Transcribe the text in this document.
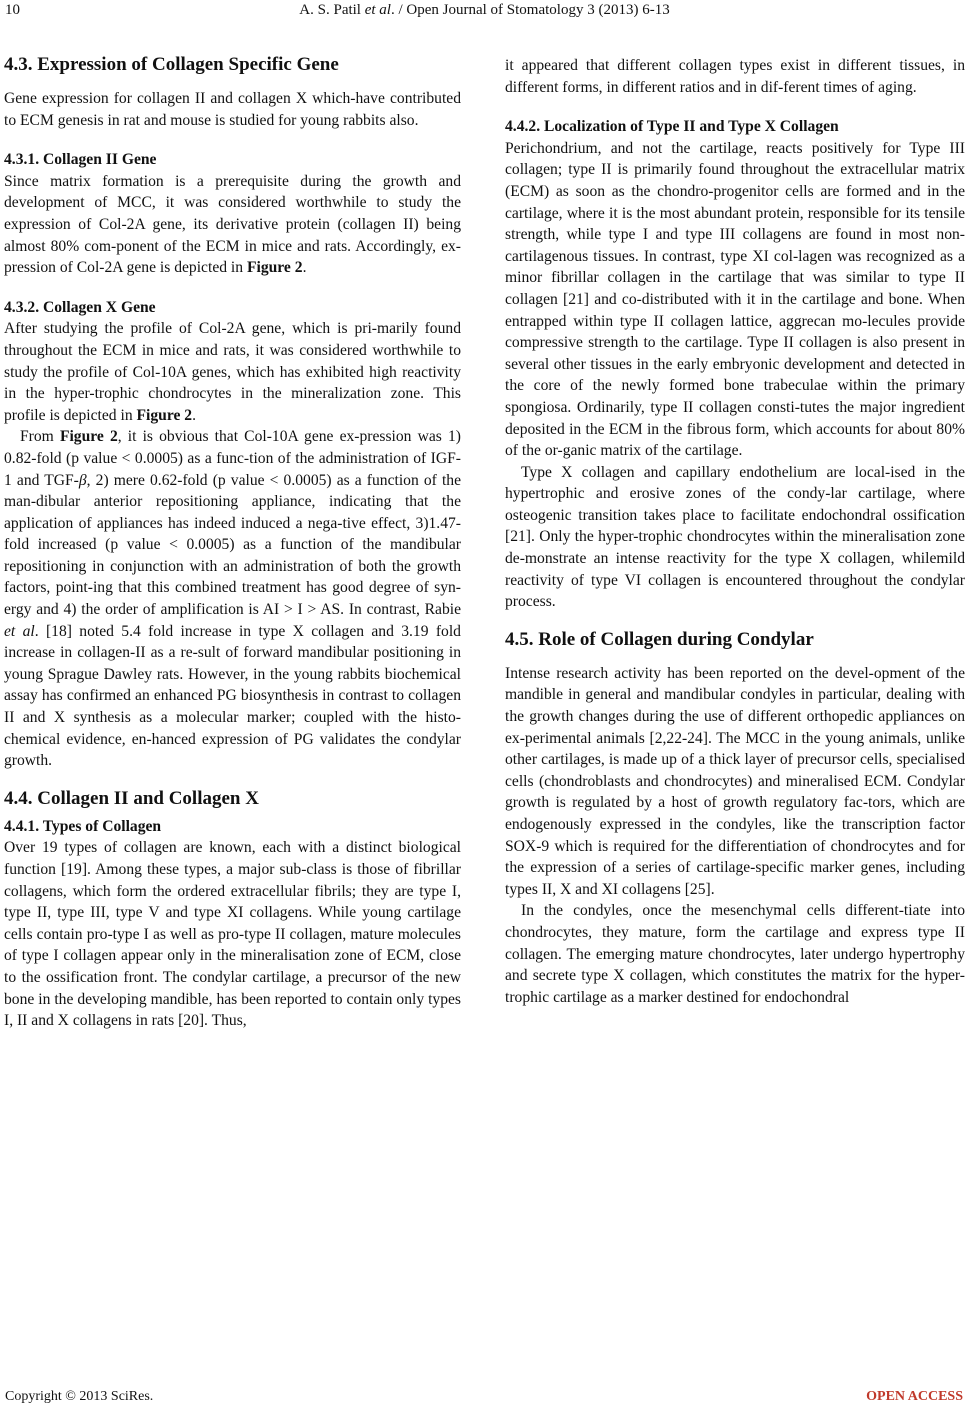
10	A. S. Patil et al. / Open Journal of Stomatology 3 (2013) 6-13
4.3. Expression of Collagen Specific Gene

Gene expression for collagen II and collagen X which-have contributed to ECM genesis in rat and mouse is studied for young rabbits also.

4.3.1. Collagen II Gene

Since matrix formation is a prerequisite during the growth and development of MCC, it was considered worthwhile to study the expression of Col-2A gene, its derivative protein (collagen II) being almost 80% com-ponent of the ECM in mice and rats. Accordingly, ex-pression of Col-2A gene is depicted in Figure 2.

4.3.2. Collagen X Gene

After studying the profile of Col-2A gene, which is pri-marily found throughout the ECM in mice and rats, it was considered worthwhile to study the profile of Col-10A genes, which has exhibited high reactivity in the hyper-trophic chondrocytes in the mineralization zone. This profile is depicted in Figure 2.

From Figure 2, it is obvious that Col-10A gene ex-pression was 1) 0.82-fold (p value < 0.0005) as a func-tion of the administration of IGF-1 and TGF-β, 2) mere 0.62-fold (p value < 0.0005) as a function of the man-dibular anterior repositioning appliance, indicating that the application of appliances has indeed induced a nega-tive effect, 3)1.47-fold increased (p value < 0.0005) as a function of the mandibular repositioning in conjunction with an administration of both the growth factors, point-ing that this combined treatment has good degree of syn-ergy and 4) the order of amplification is AI > I > AS. In contrast, Rabie et al. [18] noted 5.4 fold increase in type X collagen and 3.19 fold increase in collagen-II as a re-sult of forward mandibular positioning in young Sprague Dawley rats. However, in the young rabbits biochemical assay has confirmed an enhanced PG biosynthesis in contrast to collagen II and X synthesis as a molecular marker; coupled with the histo-chemical evidence, en-hanced expression of PG validates the condylar growth.

4.4. Collagen II and Collagen X
4.4.1. Types of Collagen

Over 19 types of collagen are known, each with a distinct biological function [19]. Among these types, a major sub-class is those of fibrillar collagens, which form the ordered extracellular fibrils; they are type I, type II, type III, type V and type XI collagens. While young cartilage cells contain pro-type I as well as pro-type II collagen, mature molecules of type I collagen appear only in the mineralisation zone of ECM, close to the ossification front. The condylar cartilage, a precursor of the new bone in the developing mandible, has been reported to contain only types I, II and X collagens in rats [20]. Thus,

it appeared that different collagen types exist in different tissues, in different forms, in different ratios and in dif-ferent times of aging.

4.4.2. Localization of Type II and Type X Collagen

Perichondrium, and not the cartilage, reacts positively for Type III collagen; type II is primarily found throughout the extracellular matrix (ECM) as soon as the chondro-progenitor cells are formed and in the cartilage, where it is the most abundant protein, responsible for its tensile strength, while type I and type III collagens are found in most non-cartilagenous tissues. In contrast, type XI col-lagen was recognized as a minor fibrillar collagen in the cartilage that was similar to type II collagen [21] and co-distributed with it in the cartilage and bone. When entrapped within type II collagen lattice, aggrecan mo-lecules provide compressive strength to the cartilage. Type II collagen is also present in several other tissues in the early embryonic development and detected in the core of the newly formed bone trabeculae within the primary spongiosa. Ordinarily, type II collagen consti-tutes the major ingredient deposited in the ECM in the fibrous form, which accounts for about 80% of the or-ganic matrix of the cartilage.

Type X collagen and capillary endothelium are local-ised in the hypertrophic and erosive zones of the condy-lar cartilage, where osteogenic transition takes place to facilitate endochondral ossification [21]. Only the hyper-trophic chondrocytes within the mineralisation zone de-monstrate an intense reactivity for the type X collagen, whilemild reactivity of type VI collagen is encountered throughout the condylar process.

4.5. Role of Collagen during Condylar

Intense research activity has been reported on the devel-opment of the mandible in general and mandibular condyles in particular, dealing with the growth changes during the use of different orthopedic appliances on ex-perimental animals [2,22-24]. The MCC in the young animals, unlike other cartilages, is made up of a thick layer of precursor cells, specialised cells (chondroblasts and chondrocytes) and mineralised ECM. Condylar growth is regulated by a host of growth regulatory fac-tors, which are endogenously expressed in the condyles, like the transcription factor SOX-9 which is required for the differentiation of chondrocytes and for the expression of a series of cartilage-specific marker genes, including types II, X and XI collagens [25].

In the condyles, once the mesenchymal cells different-tiate into chondrocytes, they mature, form the cartilage and express type II collagen. The emerging mature chondrocytes, later undergo hypertrophy and secrete type X collagen, which constitutes the matrix for the hyper-trophic cartilage as a marker destined for endochondral

Copyright © 2013 SciRes.	OPEN ACCESS
